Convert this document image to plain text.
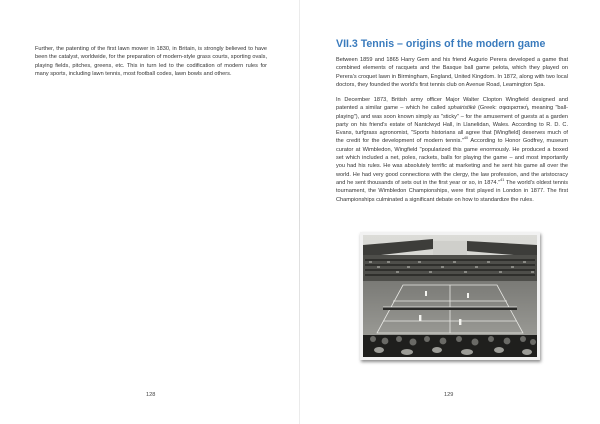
Further, the patenting of the first lawn mower in 1830, in Britain, is strongly believed to have been the catalyst, worldwide, for the preparation of modern-style grass courts, sporting ovals, playing fields, pitches, greens, etc. This in turn led to the codification of modern rules for many sports, including lawn tennis, most football codes, lawn bowls and others.

128

VII.3 Tennis – origins of the modern game

Between 1859 and 1865 Harry Gem and his friend Augurio Perera developed a game that combined elements of racquets and the Basque ball game pelota, which they played on Perera's croquet lawn in Birmingham, England, United Kingdom. In 1872, along with two local doctors, they founded the world's first tennis club on Avenue Road, Leamington Spa.

In December 1873, British army officer Major Walter Clopton Wingfield designed and patented a similar game – which he called sphairistikè (Greek: σφαιριστική, meaning "ball-playing"), and was soon known simply as "sticky" – for the amusement of guests at a garden party on his friend's estate of Nantclwyd Hall, in Llanelidan, Wales. According to R. D. C. Evans, turfgrass agronomist, "Sports historians all agree that [Wingfield] deserves much of the credit for the development of modern tennis."$^{40}$ According to Honor Godfrey, museum curator at Wimbledon, Wingfield "popularized this game enormously. He produced a boxed set which included a net, poles, rackets, balls for playing the game – and most importantly you had his rules. He was absolutely terrific at marketing and he sent his game all over the world. He had very good connections with the clergy, the law profession, and the aristocracy and he sent thousands of sets out in the first year or so, in 1874."$^{41}$ The world's oldest tennis tournament, the Wimbledon Championships, were first played in London in 1877. The first Championships culminated a significant debate on how to standardize the rules.

129
